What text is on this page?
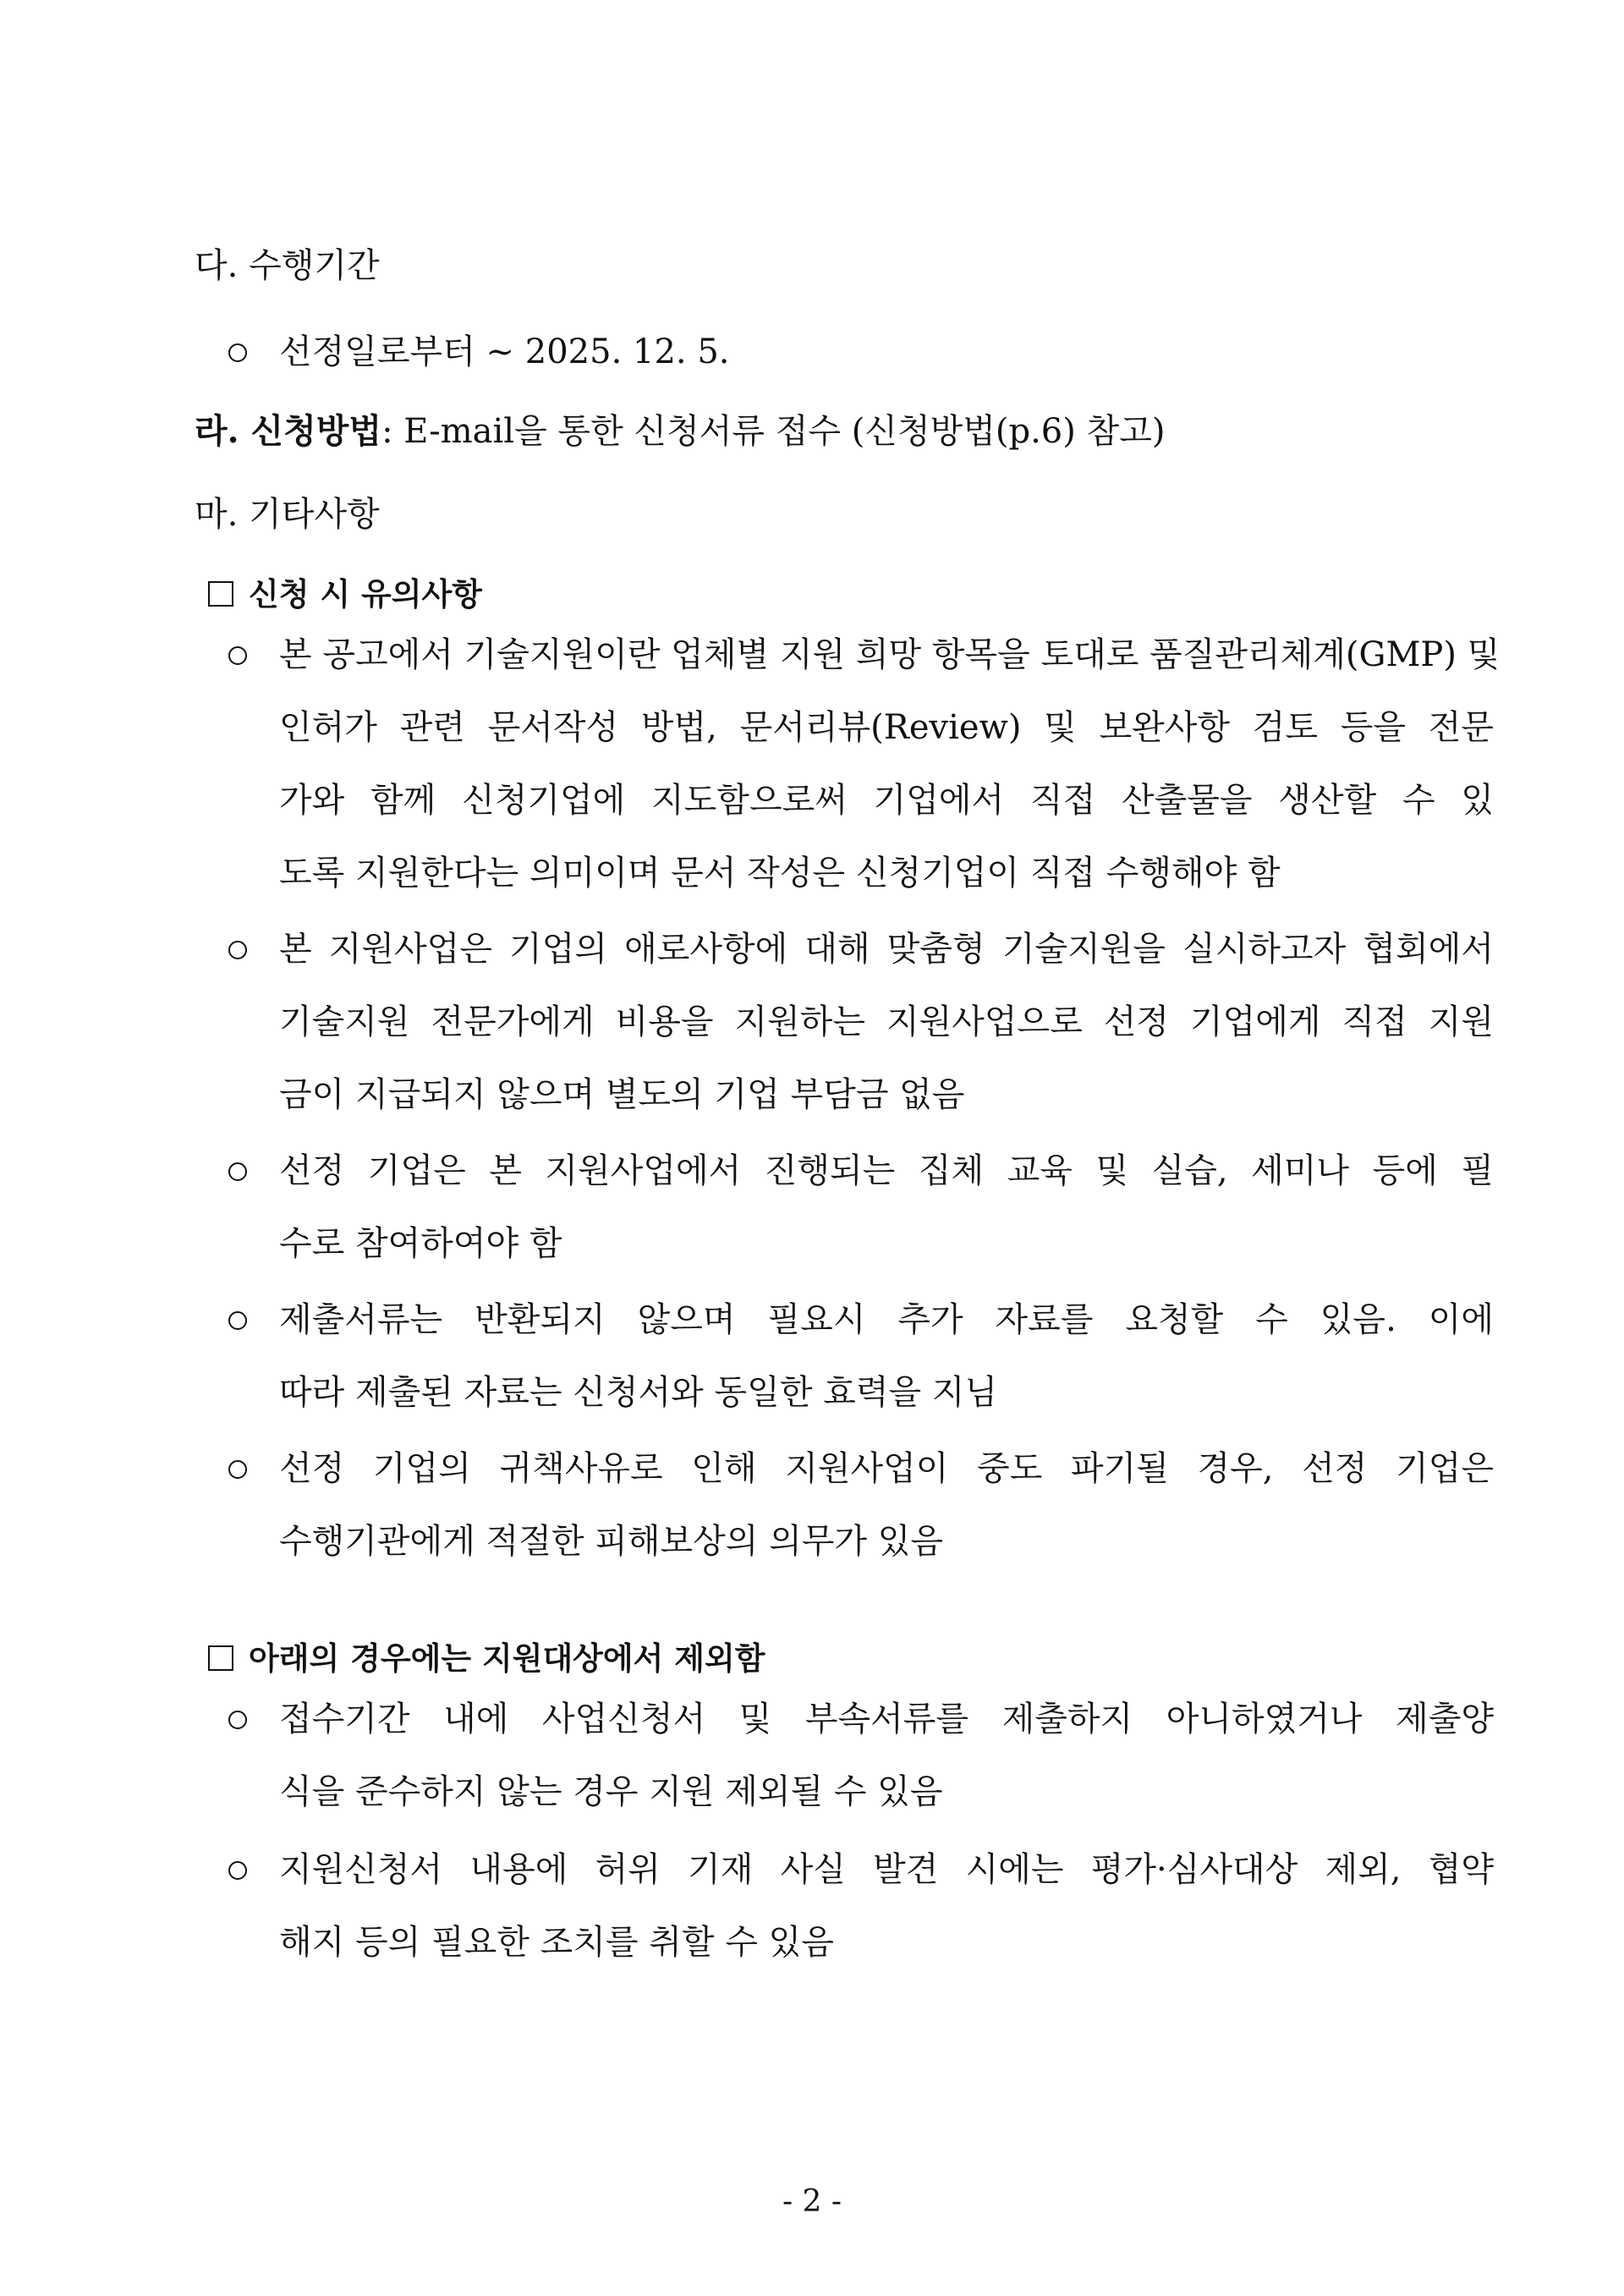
다. 수행기간
선정일로부터 ~ 2025. 12. 5.
라. 신청방법: E-mail을 통한 신청서류 접수 (신청방법(p.6) 참고)
마. 기타사항
신청 시 유의사항
본 공고에서 기술지원이란 업체별 지원 희망 항목을 토대로 품질관리체계(GMP) 및
인허가 관련 문서작성 방법, 문서리뷰(Review) 및 보완사항 검토 등을 전문
가와 함께 신청기업에 지도함으로써 기업에서 직접 산출물을 생산할 수 있
도록 지원한다는 의미이며 문서 작성은 신청기업이 직접 수행해야 함
본 지원사업은 기업의 애로사항에 대해 맞춤형 기술지원을 실시하고자 협회에서
기술지원 전문가에게 비용을 지원하는 지원사업으로 선정 기업에게 직접 지원
금이 지급되지 않으며 별도의 기업 부담금 없음
선정 기업은 본 지원사업에서 진행되는 집체 교육 및 실습, 세미나 등에 필
수로 참여하여야 함
제출서류는 반환되지 않으며 필요시 추가 자료를 요청할 수 있음. 이에
따라 제출된 자료는 신청서와 동일한 효력을 지님
선정 기업의 귀책사유로 인해 지원사업이 중도 파기될 경우, 선정 기업은
수행기관에게 적절한 피해보상의 의무가 있음
아래의 경우에는 지원대상에서 제외함
접수기간 내에 사업신청서 및 부속서류를 제출하지 아니하였거나 제출양
식을 준수하지 않는 경우 지원 제외될 수 있음
지원신청서 내용에 허위 기재 사실 발견 시에는 평가·심사대상 제외, 협약
해지 등의 필요한 조치를 취할 수 있음
- 2 -
